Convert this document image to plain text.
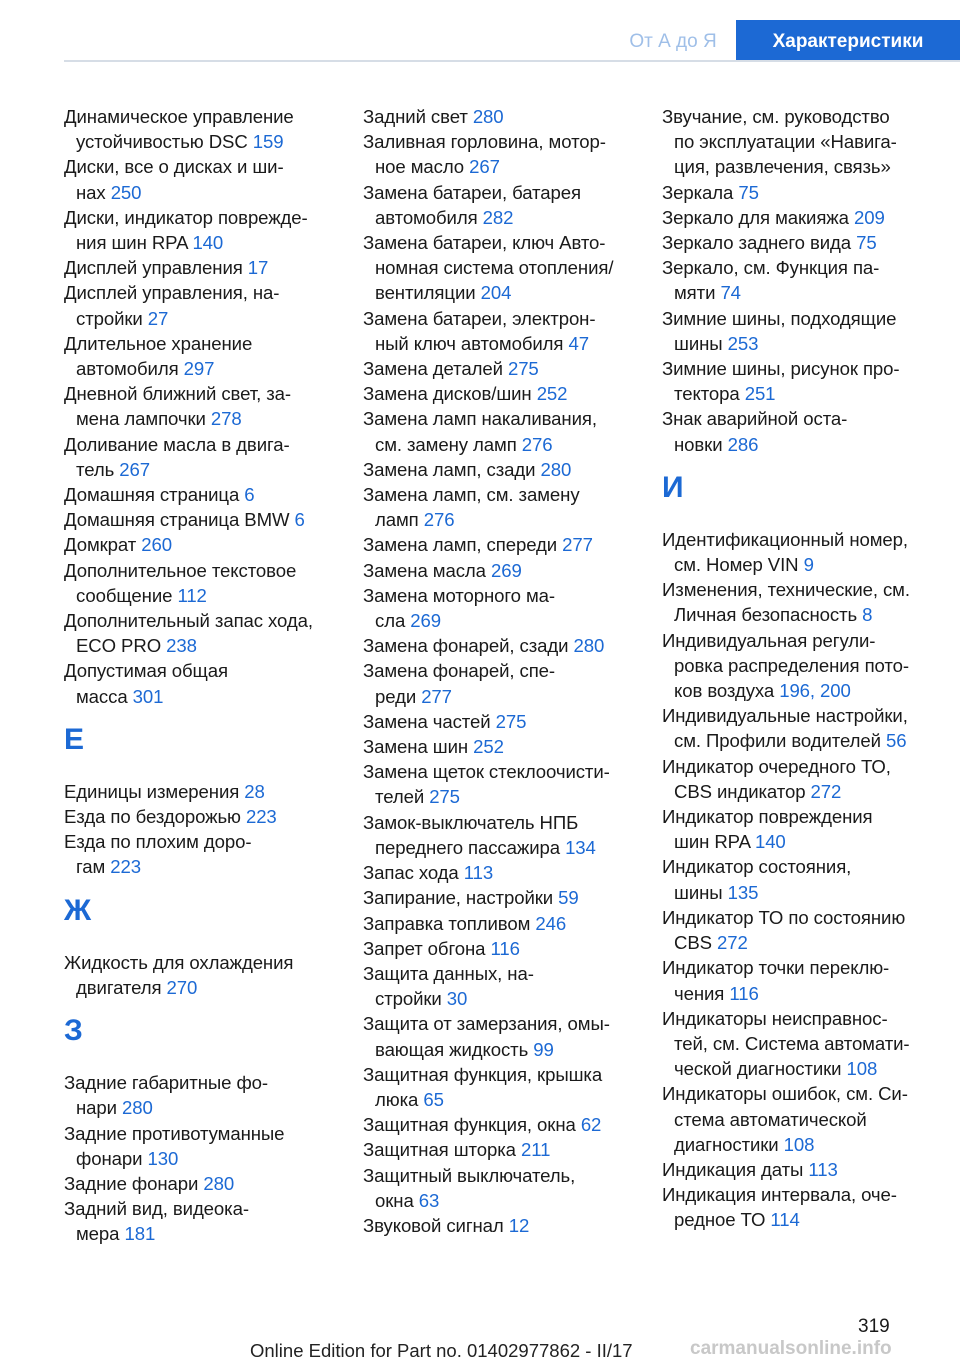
От А до Я	Характеристики
Динамическое управление
устойчивостью DSC 159
Диски, все о дисках и ши‐
нах 250
Диски, индикатор поврежде‐
ния шин RPA 140
Дисплей управления 17
Дисплей управления, на‐
стройки 27
Длительное хранение
автомобиля 297
Дневной ближний свет, за‐
мена лампочки 278
Доливание масла в двига‐
тель 267
Домашняя страница 6
Домашняя страница BMW 6
Домкрат 260
Дополнительное текстовое
сообщение 112
Дополнительный запас хода,
ECO PRO 238
Допустимая общая
масса 301
Е
Единицы измерения 28
Езда по бездорожью 223
Езда по плохим доро‐
гам 223
Ж
Жидкость для охлаждения
двигателя 270
З
Задние габаритные фо‐
нари 280
Задние противотуманные
фонари 130
Задние фонари 280
Задний вид, видеока‐
мера 181
Задний свет 280
Заливная горловина, мотор‐
ное масло 267
Замена батареи, батарея
автомобиля 282
Замена батареи, ключ Авто‐
номная система отопления/
вентиляции 204
Замена батареи, электрон‐
ный ключ автомобиля 47
Замена деталей 275
Замена дисков/шин 252
Замена ламп накаливания,
см. замену ламп 276
Замена ламп, сзади 280
Замена ламп, см. замену
ламп 276
Замена ламп, спереди 277
Замена масла 269
Замена моторного ма‐
сла 269
Замена фонарей, сзади 280
Замена фонарей, спе‐
реди 277
Замена частей 275
Замена шин 252
Замена щеток стеклоочисти‐
телей 275
Замок-выключатель НПБ
переднего пассажира 134
Запас хода 113
Запирание, настройки 59
Заправка топливом 246
Запрет обгона 116
Защита данных, на‐
стройки 30
Защита от замерзания, омы‐
вающая жидкость 99
Защитная функция, крышка
люка 65
Защитная функция, окна 62
Защитная шторка 211
Защитный выключатель,
окна 63
Звуковой сигнал 12
Звучание, см. руководство
по эксплуатации «Навига‐
ция, развлечения, связь»
Зеркала 75
Зеркало для макияжа 209
Зеркало заднего вида 75
Зеркало, см. Функция па‐
мяти 74
Зимние шины, подходящие
шины 253
Зимние шины, рисунок про‐
тектора 251
Знак аварийной оста‐
новки 286
И
Идентификационный номер,
см. Номер VIN 9
Изменения, технические, см.
Личная безопасность 8
Индивидуальная регули‐
ровка распределения пото‐
ков воздуха 196, 200
Индивидуальные настройки,
см. Профили водителей 56
Индикатор очередного ТО,
CBS индикатор 272
Индикатор повреждения
шин RPA 140
Индикатор состояния,
шины 135
Индикатор ТО по состоянию
CBS 272
Индикатор точки переклю‐
чения 116
Индикаторы неисправнос‐
тей, см. Система автомати‐
ческой диагностики 108
Индикаторы ошибок, см. Си‐
стема автоматической
диагностики 108
Индикация даты 113
Индикация интервала, оче‐
редное ТО 114
319
Online Edition for Part no. 01402977862 - II/17	carmanualsonline.info
